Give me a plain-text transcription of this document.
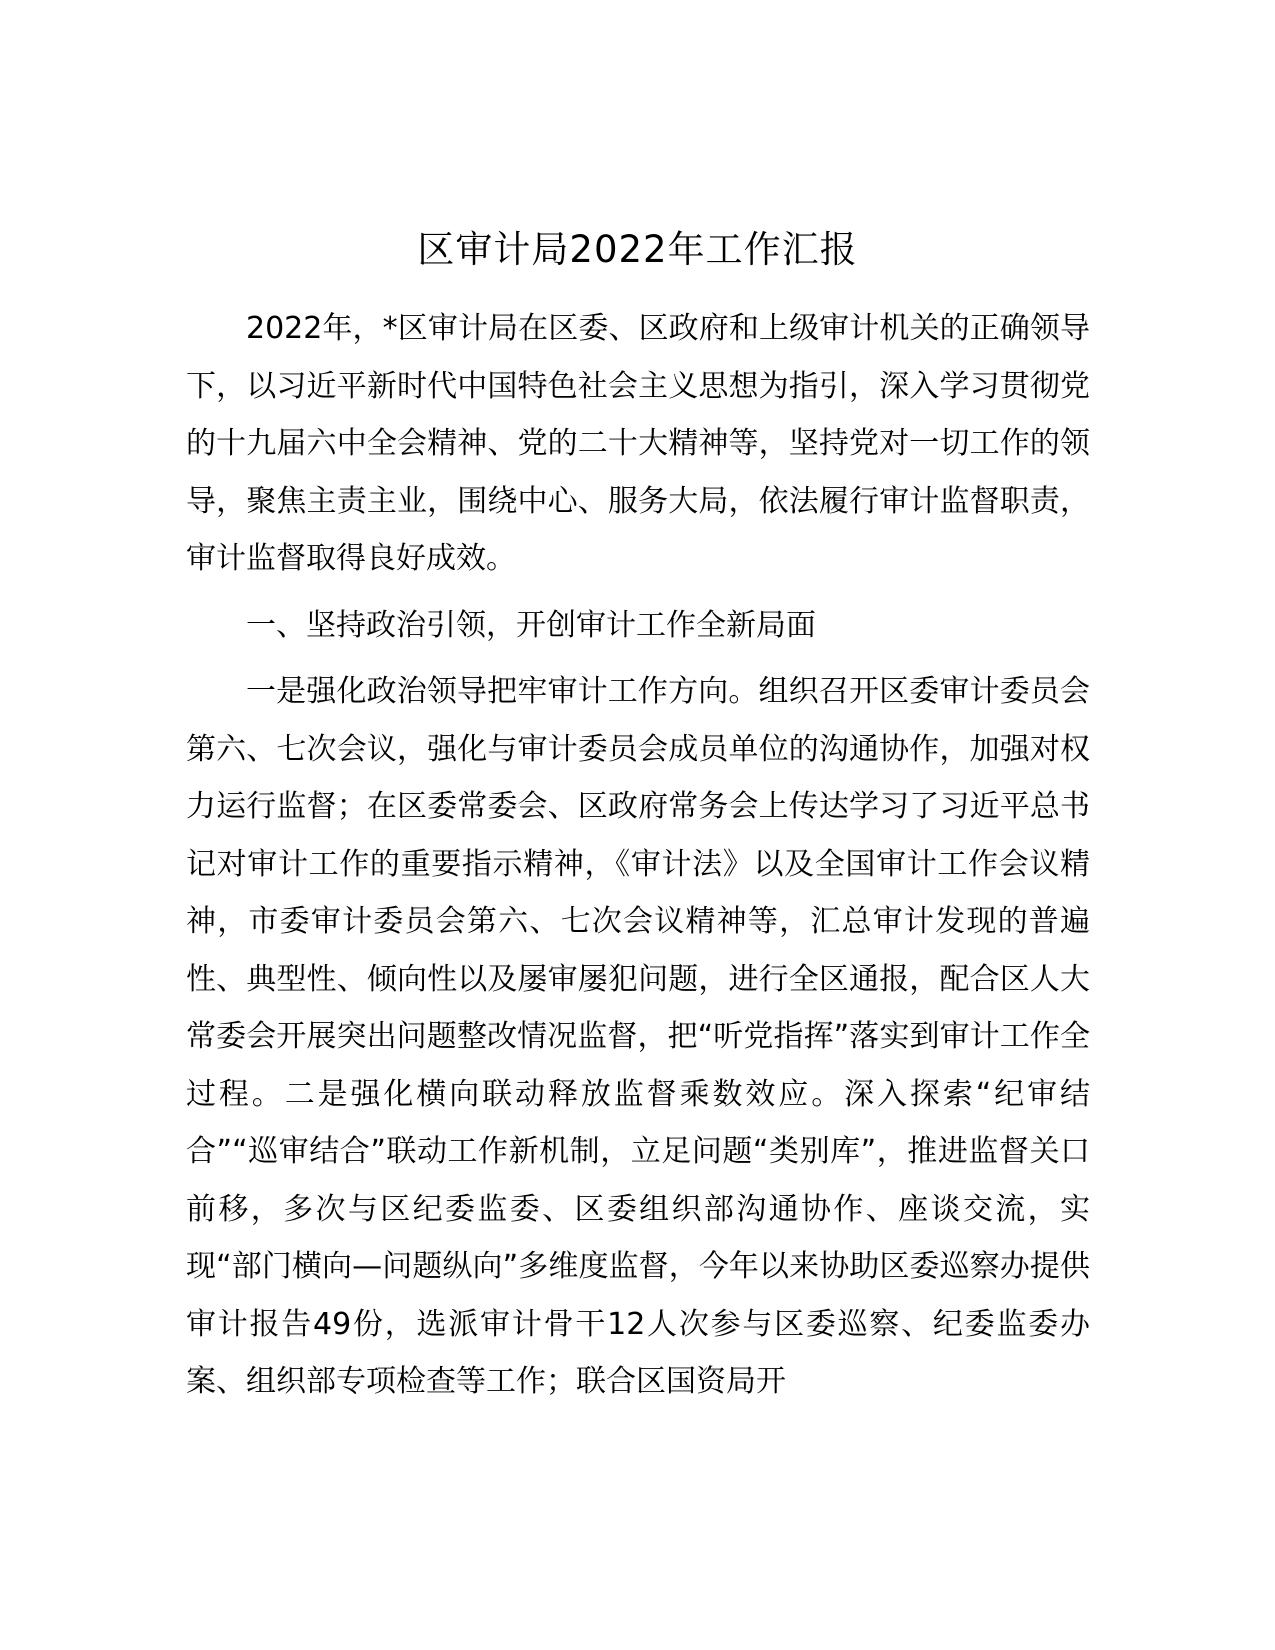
区审计局2022年工作汇报

2022年，*区审计局在区委、区政府和上级审计机关的正确领导下，以习近平新时代中国特色社会主义思想为指引，深入学习贯彻党的十九届六中全会精神、党的二十大精神等，坚持党对一切工作的领导，聚焦主责主业，围绕中心、服务大局，依法履行审计监督职责，审计监督取得良好成效。

一、坚持政治引领，开创审计工作全新局面

一是强化政治领导把牢审计工作方向。组织召开区委审计委员会第六、七次会议，强化与审计委员会成员单位的沟通协作，加强对权力运行监督；在区委常委会、区政府常务会上传达学习了习近平总书记对审计工作的重要指示精神，《审计法》以及全国审计工作会议精神，市委审计委员会第六、七次会议精神等，汇总审计发现的普遍性、典型性、倾向性以及屡审屡犯问题，进行全区通报，配合区人大常委会开展突出问题整改情况监督，把“听党指挥”落实到审计工作全过程。二是强化横向联动释放监督乘数效应。深入探索“纪审结合”“巡审结合”联动工作新机制，立足问题“类别库”，推进监督关口前移，多次与区纪委监委、区委组织部沟通协作、座谈交流，实现“部门横向—问题纵向”多维度监督，今年以来协助区委巡察办提供审计报告49份，选派审计骨干12人次参与区委巡察、纪委监委办案、组织部专项检查等工作；联合区国资局开
